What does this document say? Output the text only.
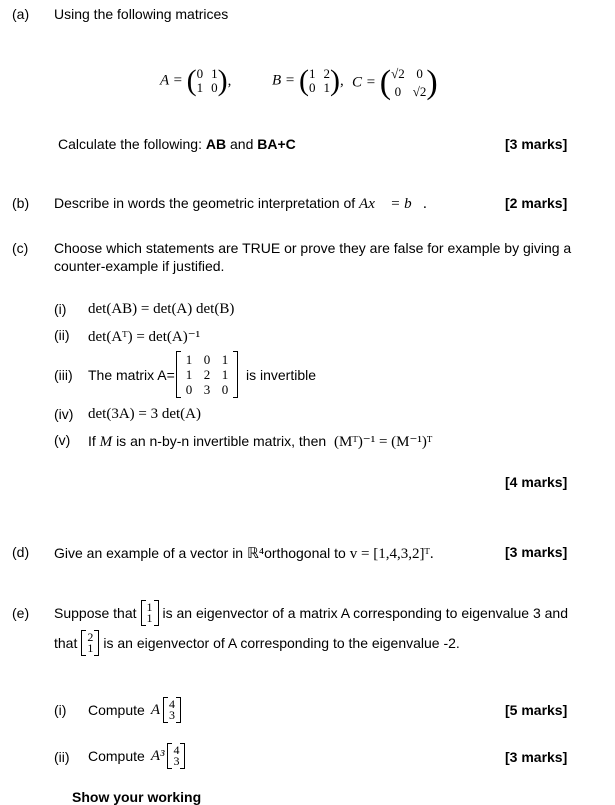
(a) Using the following matrices
A = ( 0 1
1 0 ) ,	B = ( 1 2
0 1 ) , C = ( √2 0
0 √2 )
Calculate the following: AB and BA+C	[3 marks]
(b) Describe in words the geometric interpretation of Ax⃗ = b⃗.	[2 marks]
(c) Choose which statements are TRUE or prove they are false for example by giving a
counter-example if justified.
(i) det(AB) = det(A) det(B)
(ii) det(Aᵀ) = det(A)⁻¹
(iii) The matrix A=
1 0 1
1 2 1
0 3 0
is invertible
(iv) det(3A) = 3 det(A)
(v) If M is an n-by-n invertible matrix, then (Mᵀ)⁻¹ = (M⁻¹)ᵀ
[4 marks]
(d) Give an example of a vector in ℝ⁴orthogonal to v = [1,4,3,2]ᵀ.	[3 marks]
(e) Suppose that 1
1 is an eigenvector of a matrix A corresponding to eigenvalue 3 and
that 2
1 is an eigenvector of A corresponding to the eigenvalue -2.
(i) Compute A 4
3	[5 marks]
(ii) Compute A³ 4
3	[3 marks]
Show your working
